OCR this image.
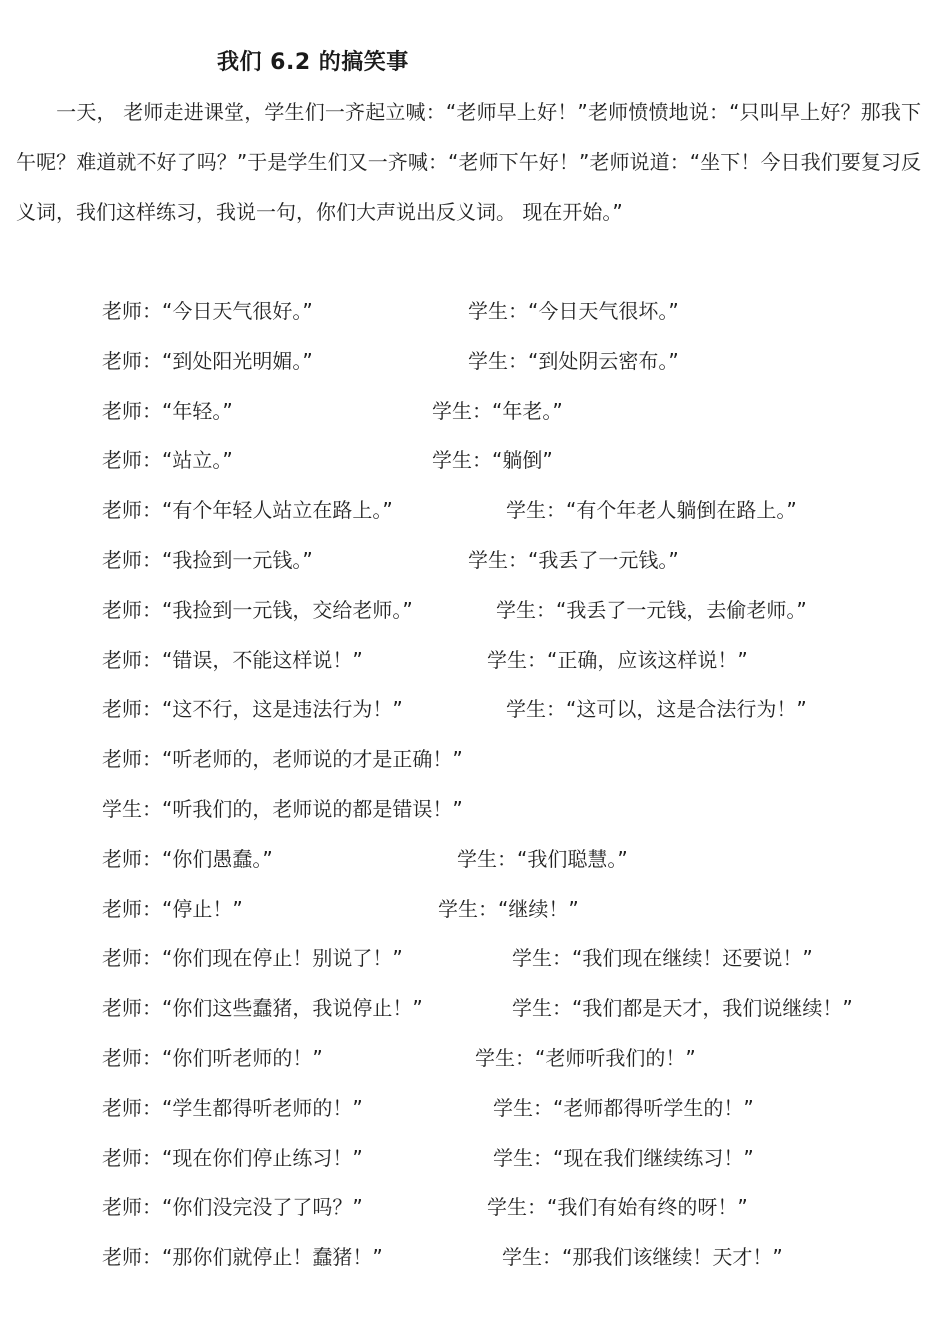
我们 6.2 的搞笑事
一天， 老师走进课堂，学生们一齐起立喊：“老师早上好！”老师愤愤地说：“只叫早上好？那我下午呢？难道就不好了吗？”于是学生们又一齐喊：“老师下午好！”老师说道：“坐下！今日我们要复习反义词，我们这样练习，我说一句，你们大声说出反义词。 现在开始。”
老师：“今日天气很好。”	学生：“今日天气很坏。”
老师：“到处阳光明媚。”	学生：“到处阴云密布。”
老师：“年轻。”	学生：“年老。”
老师：“站立。”	学生：“躺倒”
老师：“有个年轻人站立在路上。”	学生：“有个年老人躺倒在路上。”
老师：“我捡到一元钱。”	学生：“我丢了一元钱。”
老师：“我捡到一元钱，交给老师。”	学生：“我丢了一元钱，去偷老师。”
老师：“错误，不能这样说！”	学生：“正确，应该这样说！”
老师：“这不行，这是违法行为！”	学生：“这可以，这是合法行为！”
老师：“听老师的，老师说的才是正确！”
学生：“听我们的，老师说的都是错误！”
老师：“你们愚蠢。”	学生：“我们聪慧。”
老师：“停止！”	学生：“继续！”
老师：“你们现在停止！别说了！”	学生：“我们现在继续！还要说！”
老师：“你们这些蠢猪，我说停止！”	学生：“我们都是天才，我们说继续！”
老师：“你们听老师的！”	学生：“老师听我们的！”
老师：“学生都得听老师的！”	学生：“老师都得听学生的！”
老师：“现在你们停止练习！”	学生：“现在我们继续练习！”
老师：“你们没完没了了吗？”	学生：“我们有始有终的呀！”
老师：“那你们就停止！蠢猪！”	学生：“那我们该继续！天才！”
